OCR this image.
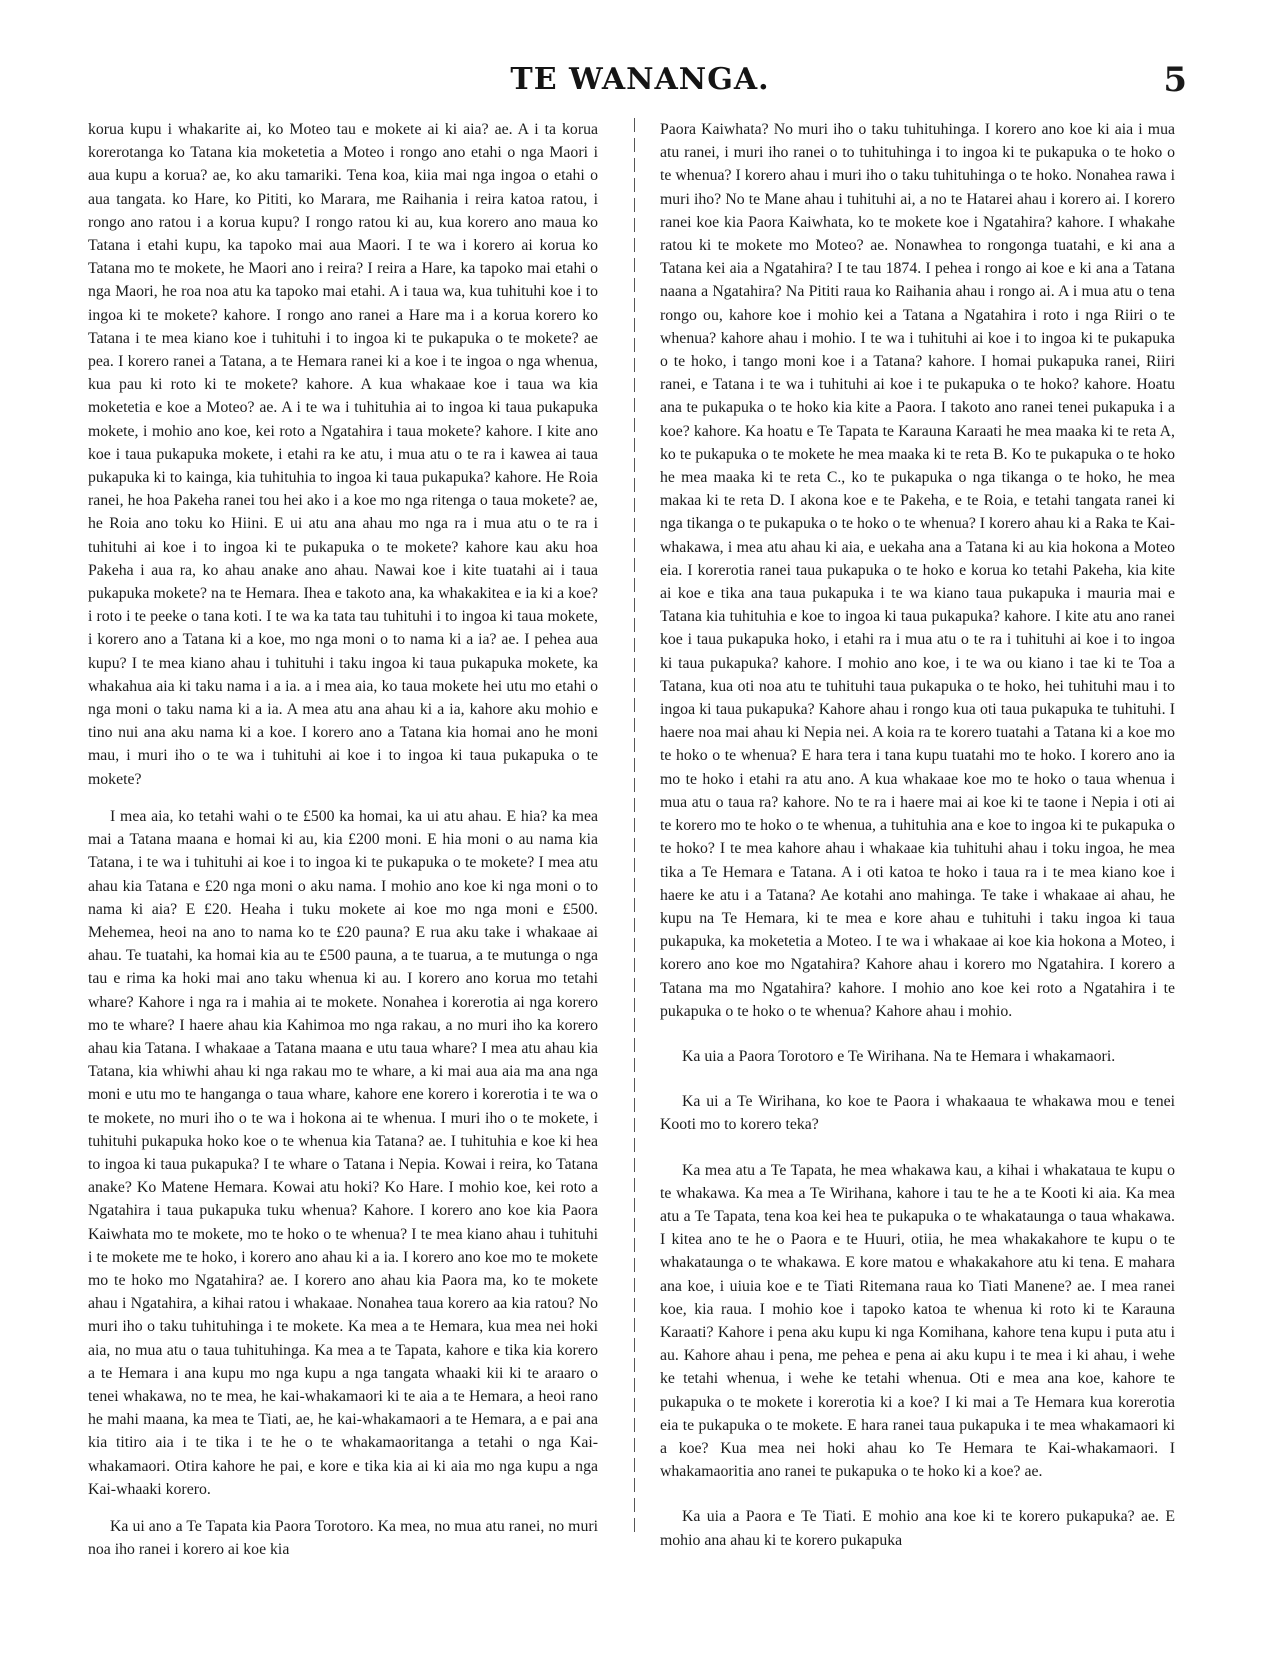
TE WANANGA.	5

korua kupu i whakarite ai, ko Moteo tau e mokete ai ki aia? ae. A i ta korua korerotanga ko Tatana kia moketetia a Moteo i rongo ano etahi o nga Maori i aua kupu a korua? ae, ko aku tamariki. Tena koa, kiia mai nga ingoa o etahi o aua tangata. ko Hare, ko Pititi, ko Marara, me Raihania i reira katoa ratou, i rongo ano ratou i a korua kupu? I rongo ratou ki au, kua korero ano maua ko Tatana i etahi kupu, ka tapoko mai aua Maori. I te wa i korero ai korua ko Tatana mo te mokete, he Maori ano i reira? I reira a Hare, ka tapoko mai etahi o nga Maori, he roa noa atu ka tapoko mai etahi. A i taua wa, kua tuhituhi koe i to ingoa ki te mokete? kahore. I rongo ano ranei a Hare ma i a korua korero ko Tatana i te mea kiano koe i tuhituhi i to ingoa ki te pukapuka o te mokete? ae pea. I korero ranei a Tatana, a te Hemara ranei ki a koe i te ingoa o nga whenua, kua pau ki roto ki te mokete? kahore. A kua whakaae koe i taua wa kia moketetia e koe a Moteo? ae. A i te wa i tuhituhia ai to ingoa ki taua pukapuka mokete, i mohio ano koe, kei roto a Ngatahira i taua mokete? kahore. I kite ano koe i taua pukapuka mokete, i etahi ra ke atu, i mua atu o te ra i kawea ai taua pukapuka ki to kainga, kia tuhituhia to ingoa ki taua pukapuka? kahore. He Roia ranei, he hoa Pakeha ranei tou hei ako i a koe mo nga ritenga o taua mokete? ae, he Roia ano toku ko Hiini. E ui atu ana ahau mo nga ra i mua atu o te ra i tuhituhi ai koe i to ingoa ki te pukapuka o te mokete? kahore kau aku hoa Pakeha i aua ra, ko ahau anake ano ahau. Nawai koe i kite tuatahi ai i taua pukapuka mokete? na te Hemara. Ihea e takoto ana, ka whakakitea e ia ki a koe? i roto i te peeke o tana koti. I te wa ka tata tau tuhituhi i to ingoa ki taua mokete, i korero ano a Tatana ki a koe, mo nga moni o to nama ki a ia? ae. I pehea aua kupu? I te mea kiano ahau i tuhituhi i taku ingoa ki taua pukapuka mokete, ka whakahua aia ki taku nama i a ia. a i mea aia, ko taua mokete hei utu mo etahi o nga moni o taku nama ki a ia. A mea atu ana ahau ki a ia, kahore aku mohio e tino nui ana aku nama ki a koe. I korero ano a Tatana kia homai ano he moni mau, i muri iho o te wa i tuhituhi ai koe i to ingoa ki taua pukapuka o te mokete?

I mea aia, ko tetahi wahi o te £500 ka homai, ka ui atu ahau. E hia? ka mea mai a Tatana maana e homai ki au, kia £200 moni. E hia moni o au nama kia Tatana, i te wa i tuhituhi ai koe i to ingoa ki te pukapuka o te mokete? I mea atu ahau kia Tatana e £20 nga moni o aku nama. I mohio ano koe ki nga moni o to nama ki aia? E £20. Heaha i tuku mokete ai koe mo nga moni e £500. Mehemea, heoi na ano to nama ko te £20 pauna? E rua aku take i whakaae ai ahau. Te tuatahi, ka homai kia au te £500 pauna, a te tuarua, a te mutunga o nga tau e rima ka hoki mai ano taku whenua ki au. I korero ano korua mo tetahi whare? Kahore i nga ra i mahia ai te mokete. Nonahea i korerotia ai nga korero mo te whare? I haere ahau kia Kahimoa mo nga rakau, a no muri iho ka korero ahau kia Tatana. I whakaae a Tatana maana e utu taua whare? I mea atu ahau kia Tatana, kia whiwhi ahau ki nga rakau mo te whare, a ki mai aua aia ma ana nga moni e utu mo te hanganga o taua whare, kahore ene korero i korerotia i te wa o te mokete, no muri iho o te wa i hokona ai te whenua. I muri iho o te mokete, i tuhituhi pukapuka hoko koe o te whenua kia Tatana? ae. I tuhituhia e koe ki hea to ingoa ki taua pukapuka? I te whare o Tatana i Nepia. Kowai i reira, ko Tatana anake? Ko Matene Hemara. Kowai atu hoki? Ko Hare. I mohio koe, kei roto a Ngatahira i taua pukapuka tuku whenua? Kahore. I korero ano koe kia Paora Kaiwhata mo te mokete, mo te hoko o te whenua? I te mea kiano ahau i tuhituhi i te mokete me te hoko, i korero ano ahau ki a ia. I korero ano koe mo te mokete mo te hoko mo Ngatahira? ae. I korero ano ahau kia Paora ma, ko te mokete ahau i Ngatahira, a kihai ratou i whakaae. Nonahea taua korero aa kia ratou? No muri iho o taku tuhituhinga i te mokete. Ka mea a te Hemara, kua mea nei hoki aia, no mua atu o taua tuhituhinga. Ka mea a te Tapata, kahore e tika kia korero a te Hemara i ana kupu mo nga kupu a nga tangata whaaki kii ki te araaro o tenei whakawa, no te mea, he kai-whakamaori ki te aia a te Hemara, a heoi rano he mahi maana, ka mea te Tiati, ae, he kai-whakamaori a te Hemara, a e pai ana kia titiro aia i te tika i te he o te whakamaoritanga a tetahi o nga Kai-whakamaori. Otira kahore he pai, e kore e tika kia ai ki aia mo nga kupu a nga Kai-whaaki korero.

Ka ui ano a Te Tapata kia Paora Torotoro. Ka mea, no mua atu ranei, no muri noa iho ranei i korero ai koe kia

Paora Kaiwhata? No muri iho o taku tuhituhinga. I korero ano koe ki aia i mua atu ranei, i muri iho ranei o to tuhituhinga i to ingoa ki te pukapuka o te hoko o te whenua? I korero ahau i muri iho o taku tuhituhinga o te hoko. Nonahea rawa i muri iho? No te Mane ahau i tuhituhi ai, a no te Hatarei ahau i korero ai. I korero ranei koe kia Paora Kaiwhata, ko te mokete koe i Ngatahira? kahore. I whakahe ratou ki te mokete mo Moteo? ae. Nonawhea to rongonga tuatahi, e ki ana a Tatana kei aia a Ngatahira? I te tau 1874. I pehea i rongo ai koe e ki ana a Tatana naana a Ngatahira? Na Pititi raua ko Raihania ahau i rongo ai. A i mua atu o tena rongo ou, kahore koe i mohio kei a Tatana a Ngatahira i roto i nga Riiri o te whenua? kahore ahau i mohio. I te wa i tuhituhi ai koe i to ingoa ki te pukapuka o te hoko, i tango moni koe i a Tatana? kahore. I homai pukapuka ranei, Riiri ranei, e Tatana i te wa i tuhituhi ai koe i te pukapuka o te hoko? kahore. Hoatu ana te pukapuka o te hoko kia kite a Paora. I takoto ano ranei tenei pukapuka i a koe? kahore. Ka hoatu e Te Tapata te Karauna Karaati he mea maaka ki te reta A, ko te pukapuka o te mokete he mea maaka ki te reta B. Ko te pukapuka o te hoko he mea maaka ki te reta C., ko te pukapuka o nga tikanga o te hoko, he mea makaa ki te reta D. I akona koe e te Pakeha, e te Roia, e tetahi tangata ranei ki nga tikanga o te pukapuka o te hoko o te whenua? I korero ahau ki a Raka te Kai-whakawa, i mea atu ahau ki aia, e uekaha ana a Tatana ki au kia hokona a Moteo eia. I korerotia ranei taua pukapuka o te hoko e korua ko tetahi Pakeha, kia kite ai koe e tika ana taua pukapuka i te wa kiano taua pukapuka i mauria mai e Tatana kia tuhituhia e koe to ingoa ki taua pukapuka? kahore. I kite atu ano ranei koe i taua pukapuka hoko, i etahi ra i mua atu o te ra i tuhituhi ai koe i to ingoa ki taua pukapuka? kahore. I mohio ano koe, i te wa ou kiano i tae ki te Toa a Tatana, kua oti noa atu te tuhituhi taua pukapuka o te hoko, hei tuhituhi mau i to ingoa ki taua pukapuka? Kahore ahau i rongo kua oti taua pukapuka te tuhituhi. I haere noa mai ahau ki Nepia nei. A koia ra te korero tuatahi a Tatana ki a koe mo te hoko o te whenua? E hara tera i tana kupu tuatahi mo te hoko. I korero ano ia mo te hoko i etahi ra atu ano. A kua whakaae koe mo te hoko o taua whenua i mua atu o taua ra? kahore. No te ra i haere mai ai koe ki te taone i Nepia i oti ai te korero mo te hoko o te whenua, a tuhituhia ana e koe to ingoa ki te pukapuka o te hoko? I te mea kahore ahau i whakaae kia tuhituhi ahau i toku ingoa, he mea tika a Te Hemara e Tatana. A i oti katoa te hoko i taua ra i te mea kiano koe i haere ke atu i a Tatana? Ae kotahi ano mahinga. Te take i whakaae ai ahau, he kupu na Te Hemara, ki te mea e kore ahau e tuhituhi i taku ingoa ki taua pukapuka, ka moketetia a Moteo. I te wa i whakaae ai koe kia hokona a Moteo, i korero ano koe mo Ngatahira? Kahore ahau i korero mo Ngatahira. I korero a Tatana ma mo Ngatahira? kahore. I mohio ano koe kei roto a Ngatahira i te pukapuka o te hoko o te whenua? Kahore ahau i mohio.

Ka uia a Paora Torotoro e Te Wirihana. Na te Hemara i whakamaori.

Ka ui a Te Wirihana, ko koe te Paora i whakaaua te whakawa mou e tenei Kooti mo to korero teka?

Ka mea atu a Te Tapata, he mea whakawa kau, a kihai i whakataua te kupu o te whakawa. Ka mea a Te Wirihana, kahore i tau te he a te Kooti ki aia. Ka mea atu a Te Tapata, tena koa kei hea te pukapuka o te whakataunga o taua whakawa. I kitea ano te he o Paora e te Huuri, otiia, he mea whakakahore te kupu o te whakataunga o te whakawa. E kore matou e whakakahore atu ki tena. E mahara ana koe, i uiuia koe e te Tiati Ritemana raua ko Tiati Manene? ae. I mea ranei koe, kia raua. I mohio koe i tapoko katoa te whenua ki roto ki te Karauna Karaati? Kahore i pena aku kupu ki nga Komihana, kahore tena kupu i puta atu i au. Kahore ahau i pena, me pehea e pena ai aku kupu i te mea i ki ahau, i wehe ke tetahi whenua, i wehe ke tetahi whenua. Oti e mea ana koe, kahore te pukapuka o te mokete i korerotia ki a koe? I ki mai a Te Hemara kua korerotia eia te pukapuka o te mokete. E hara ranei taua pukapuka i te mea whakamaori ki a koe? Kua mea nei hoki ahau ko Te Hemara te Kai-whakamaori. I whakamaoritia ano ranei te pukapuka o te hoko ki a koe? ae.

Ka uia a Paora e Te Tiati. E mohio ana koe ki te korero pukapuka? ae. E mohio ana ahau ki te korero pukapuka
